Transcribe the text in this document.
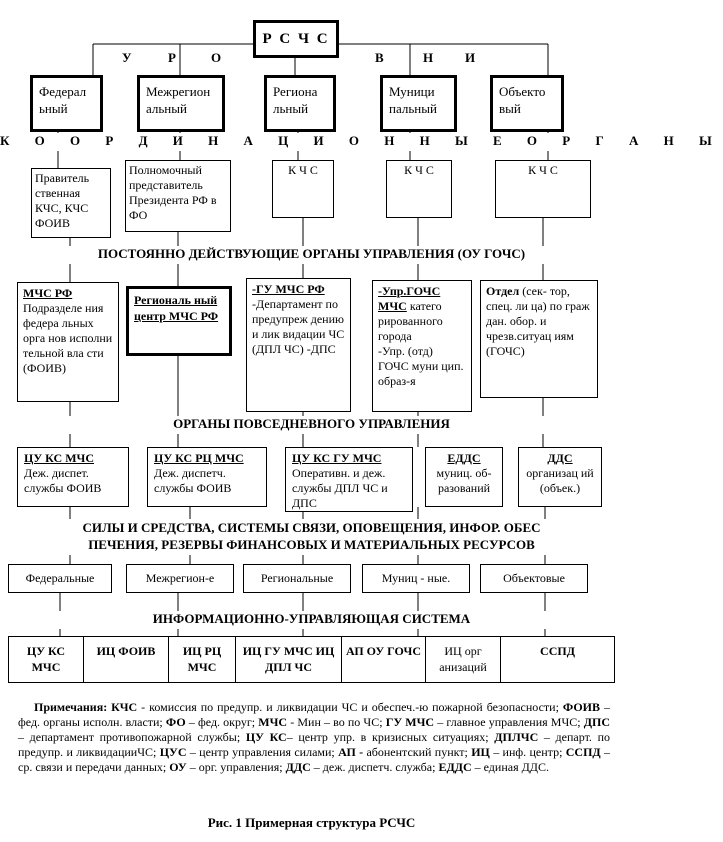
Р С Ч С
У	Р	О	В	Н И
Федерал ьный
Межрегион альный
Региона льный
Муници пальный
Объекто вый
К О О Р Д И Н А Ц И О Н Н Ы Е О Р Г А Н Ы
Правитель ственная КЧС, КЧС ФОИВ
Полномочный представитель Президента РФ в ФО
К Ч С	К Ч С	К Ч С
ПОСТОЯННО ДЕЙСТВУЮЩИЕ ОРГАНЫ УПРАВЛЕНИЯ (ОУ ГОЧС)
МЧС РФ
Подразделе ния федера льных орга нов исполни тельной вла сти (ФОИВ)
Региональ ный центр МЧС РФ
-ГУ МЧС РФ
-Департамент по предупреж дению и лик видации ЧС (ДПЛ ЧС) -ДПС
-Упр.ГОЧС МЧС катего рированного города
-Упр. (отд) ГОЧС муни цип. образ-я
Отдел (сек- тор, спец. ли ца) по граж дан. обор. и чрезв.ситуац иям (ГОЧС)
ОРГАНЫ ПОВСЕДНЕВНОГО УПРАВЛЕНИЯ
ЦУ КС МЧС
Деж. диспет. службы ФОИВ
ЦУ КС РЦ МЧС
Деж. диспетч. службы ФОИВ
ЦУ КС ГУ МЧС
Оперативн. и деж. службы ДПЛ ЧС и ДПС
ЕДДС
муниц. об- разований
ДДС
организац ий (объек.)
СИЛЫ И СРЕДСТВА, СИСТЕМЫ СВЯЗИ, ОПОВЕЩЕНИЯ, ИНФОР. ОБЕС
ПЕЧЕНИЯ, РЕЗЕРВЫ ФИНАНСОВЫХ И МАТЕРИАЛЬНЫХ РЕСУРСОВ
Федеральные	Межрегион-е	Региональные	Муниц - ные.	Объектовые
ИНФОРМАЦИОННО-УПРАВЛЯЮЩАЯ СИСТЕМА
ЦУ КС МЧС
ИЦ ФОИВ	ИЦ РЦ МЧС
ИЦ ГУ МЧС ИЦ ДПЛ ЧС
АП ОУ ГОЧС	ИЦ орг анизаций
ССПД

Примечания: КЧС - комиссия по предупр. и ликвидации ЧС и обеспеч.-ю пожарной безопасности; ФОИВ – фед. органы исполн. власти; ФО – фед. округ; МЧС - Мин – во по ЧС; ГУ МЧС – главное управления МЧС; ДПС – департамент противопожарной службы; ЦУ КС– центр упр. в кризисных ситуациях; ДПЛЧС – департ. по предупр. и ликвидацииЧС; ЦУС – центр управления силами; АП - абонентский пункт; ИЦ – инф. центр; ССПД – ср. связи и передачи данных; ОУ – орг. управления; ДДС – деж. диспетч. служба; ЕДДС – единая ДДС.

Рис. 1 Примерная структура РСЧС
